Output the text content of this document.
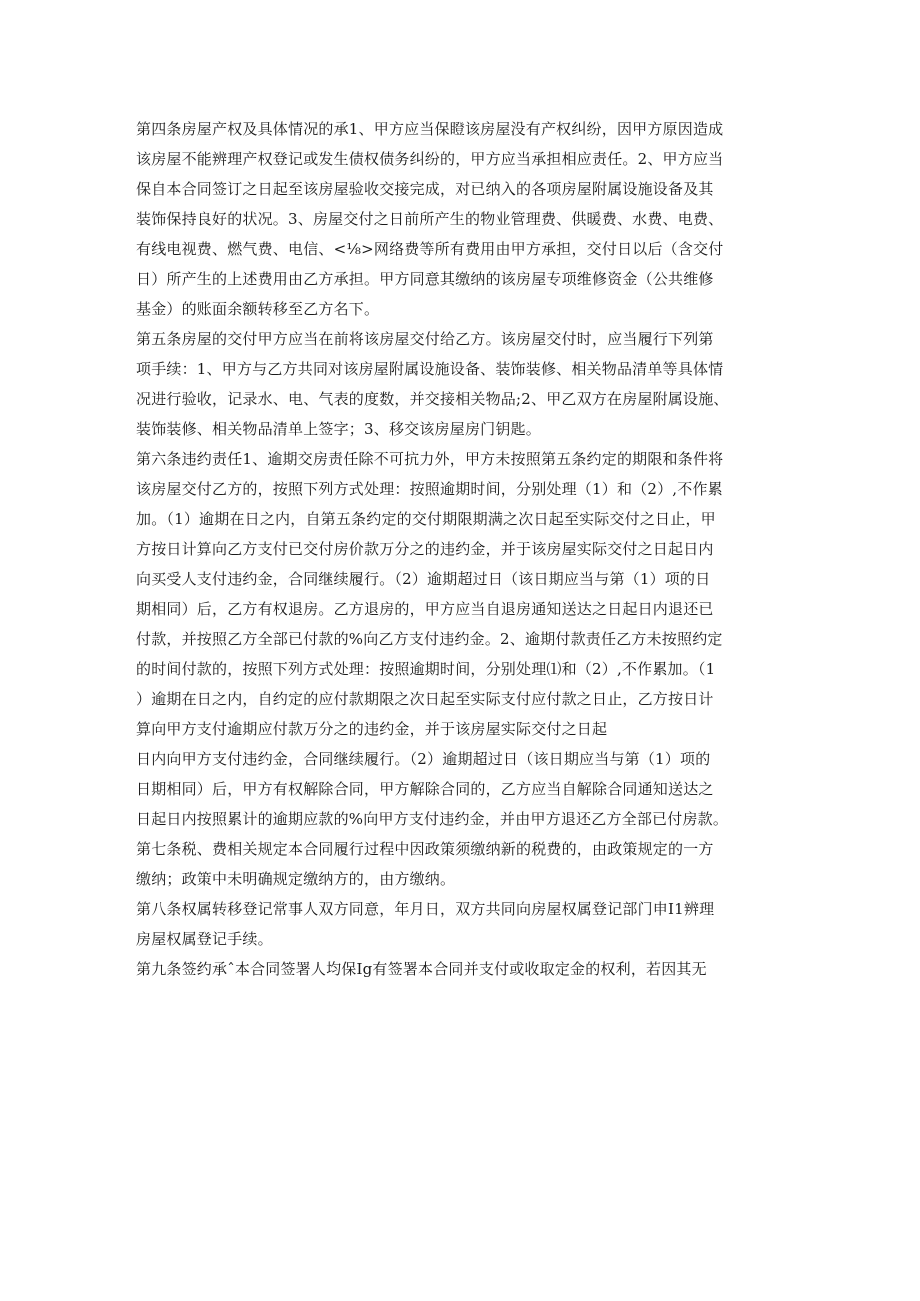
第四条房屋产权及具体情况的承1、甲方应当保瞪该房屋没有产权纠纷，因甲方原因造成
该房屋不能辨理产权登记或发生债权债务纠纷的，甲方应当承担相应责任。2、甲方应当
保自本合同签订之日起至该房屋验收交接完成，对已纳入的各项房屋附属设施设备及其
装饰保持良好的状况。3、房屋交付之日前所产生的物业管理费、供暖费、水费、电费、
有线电视费、燃气费、电信、<⅛>网络费等所有费用由甲方承担，交付日以后（含交付
日）所产生的上述费用由乙方承担。甲方同意其缴纳的该房屋专项维修资金（公共维修
基金）的账面余额转移至乙方名下。
第五条房屋的交付甲方应当在前将该房屋交付给乙方。该房屋交付时，应当履行下列第
项手续：1、甲方与乙方共同对该房屋附属设施设备、装饰装修、相关物品清单等具体情
况进行验收，记录水、电、气表的度数，并交接相关物品;2、甲乙双方在房屋附属设施、
装饰装修、相关物品清单上签字；3、移交该房屋房门钥匙。
第六条违约责任1、逾期交房责任除不可抗力外，甲方未按照第五条约定的期限和条件将
该房屋交付乙方的，按照下列方式处理：按照逾期时间，分别处理（1）和（2）,不作累
加。（1）逾期在日之内，自第五条约定的交付期限期满之次日起至实际交付之日止，甲
方按日计算向乙方支付已交付房价款万分之的违约金，并于该房屋实际交付之日起日内
向买受人支付违约金，合同继续履行。（2）逾期超过日（该日期应当与第（1）项的日
期相同）后，乙方有权退房。乙方退房的，甲方应当自退房通知送达之日起日内退还已
付款，并按照乙方全部已付款的%向乙方支付违约金。2、逾期付款责任乙方未按照约定
的时间付款的，按照下列方式处理：按照逾期时间，分别处理⑴和（2）,不作累加。（1
）逾期在日之内，自约定的应付款期限之次日起至实际支付应付款之日止，乙方按日计
算向甲方支付逾期应付款万分之的违约金，并于该房屋实际交付之日起
日内向甲方支付违约金，合同继续履行。（2）逾期超过日（该日期应当与第（1）项的
日期相同）后，甲方有权解除合同，甲方解除合同的，乙方应当自解除合同通知送达之
日起日内按照累计的逾期应款的%向甲方支付违约金，并由甲方退还乙方全部已付房款。
第七条税、费相关规定本合同履行过程中因政策须缴纳新的税费的，由政策规定的一方
缴纳；政策中未明确规定缴纳方的，由方缴纳。
第八条权属转移登记常事人双方同意，年月日，双方共同向房屋权属登记部门申I1辨理
房屋权属登记手续。
第九条签约承ˆ本合同签署人均保Ig有签署本合同并支付或收取定金的权利，若因其无
